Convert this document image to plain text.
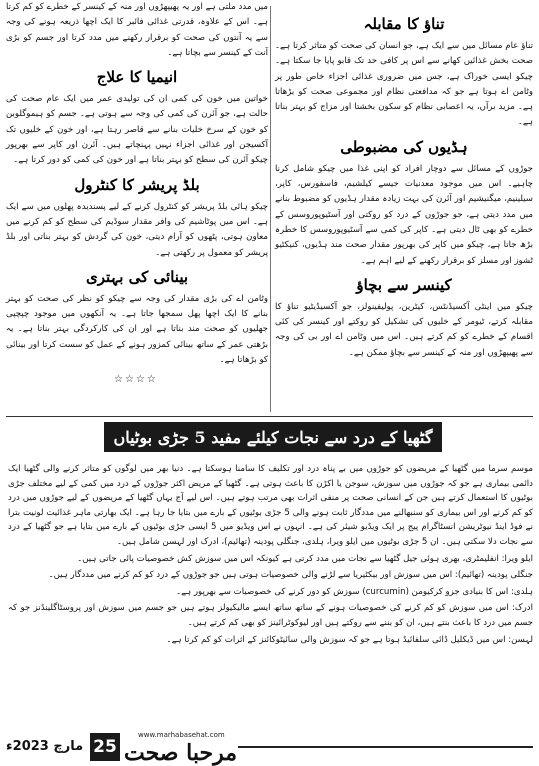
تناؤ کا مقابلہ

تناؤ عام مسائل میں سے ایک ہے، جو انسان کی صحت کو متاثر کرتا ہے۔ صحت بخش غذائیں کھانے سے اس پر کافی حد تک قابو پایا جا سکتا ہے۔ چیکو ایسی خوراک ہے، جس میں ضروری غذائی اجزاء خاص طور پر وٹامن اے ہوتا ہے جو کہ مدافعتی نظام اور مجموعی صحت کو بڑھاتا ہے۔ مزید برآں، یہ اعصابی نظام کو سکون بخشتا اور مزاج کو بہتر بناتا ہے۔

ہڈیوں کی مضبوطی

جوڑوں کے مسائل سے دوچار افراد کو اپنی غذا میں چیکو شامل کرنا چاہیے۔ اس میں موجود معدنیات جیسے کیلشیم، فاسفورس، کاپر، سیلینیم، میگنیشیم اور آئرن کی بہت زیادہ مقدار ہڈیوں کو مضبوط بنانے میں مدد دیتی ہے، جو جوڑوں کے درد کو روکتی اور آسٹیوپوروسس کے خطرے کو بھی ٹال دیتی ہے۔ کاپر کی کمی سے آسٹیوپوروسس کا خطرہ بڑھ جاتا ہے، چیکو میں کاپر کی بھرپور مقدار صحت مند ہڈیوں، کنیکٹیو ٹشوز اور مسلز کو برقرار رکھنے کے لیے اہم ہے۔

کینسر سے بچاؤ

چیکو میں اینٹی آکسیڈنٹس، کیٹرین، پولیفینولز، جو آکسیڈیٹیو تناؤ کا مقابلہ کرتے، ٹیومر کے خلیوں کی تشکیل کو روکتے اور کینسر کی کئی اقسام کے خطرے کو کم کرتے ہیں۔ اس میں وٹامن اے اور بی کی وجہ سے پھیپھڑوں اور منہ کے کینسر سے بچاؤ ممکن ہے۔

میں مدد ملتی ہے اور یہ پھیپھڑوں اور منہ کے کینسر کے خطرے کو کم کرتا ہے۔ اس کے علاوہ، قدرتی غذائی فائبر کا ایک اچھا ذریعہ ہونے کی وجہ سے یہ آنتوں کی صحت کو برقرار رکھنے میں مدد کرتا اور جسم کو بڑی آنت کے کینسر سے بچاتا ہے۔

انیمیا کا علاج

خواتین میں خون کی کمی ان کی تولیدی عمر میں ایک عام صحت کی حالت ہے، جو آئرن کی کمی کی وجہ سے ہوتی ہے۔ جسم کو ہیموگلوبن کو خون کے سرخ خلیات بنانے سے قاصر رہتا ہے، اور خون کے خلیوں تک آکسیجن اور غذائی اجزاء نہیں پہنچاتے ہیں۔ آئرن اور کاپر سے بھرپور چیکو آئرن کی سطح کو بہتر بناتا ہے اور خون کی کمی کو دور کرتا ہے۔

بلڈ پریشر کا کنٹرول

چیکو ہائی بلڈ پریشر کو کنٹرول کرنے کے لیے پسندیدہ پھلوں میں سے ایک ہے۔ اس میں پوٹاشیم کی وافر مقدار سوڈیم کی سطح کو کم کرنے میں معاون ہوتی، پٹھوں کو آرام دیتی، خون کی گردش کو بہتر بناتی اور بلڈ پریشر کو معمول پر رکھتی ہے۔

بینائی کی بہتری

وٹامن اے کی بڑی مقدار کی وجہ سے چیکو کو نظر کی صحت کو بہتر بنانے کا ایک اچھا پھل سمجھا جاتا ہے۔ یہ آنکھوں میں موجود چپچپی جھلیوں کو صحت مند بناتا ہے اور ان کی کارکردگی بہتر بناتا ہے۔ یہ بڑھتی عمر کے ساتھ بینائی کمزور ہونے کے عمل کو سست کرتا اور بینائی کو بڑھاتا ہے۔

☆☆☆☆
گٹھیا کے درد سے نجات کیلئے مفید 5 جڑی بوٹیاں

موسم سرما میں گٹھیا کے مریضوں کو جوڑوں میں بے پناہ درد اور تکلیف کا سامنا ہوسکتا ہے۔ دنیا بھر میں لوگوں کو متاثر کرنے والی گٹھیا ایک دائمی بیماری ہے جو کہ جوڑوں میں سوزش، سوجن یا اکڑن کا باعث ہوتی ہے۔ گٹھیا کے مریض اکثر جوڑوں کے درد میں کمی کے لیے مختلف جڑی بوٹیوں کا استعمال کرتے ہیں جن کے انسانی صحت پر منفی اثرات بھی مرتب ہوتے ہیں۔ اس لیے آج یہاں گٹھیا کے مریضوں کے لیے جوڑوں میں درد کو کم کرنے اور اس بیماری کو سنبھالنے میں مددگار ثابت ہونے والی 5 جڑی بوٹیوں کے بارے میں بتایا جا رہا ہے۔ ایک بھارتی ماہر غذائیت لونیت بترا نے فوڈ اینڈ نیوٹریشن انسٹاگرام پیج پر ایک ویڈیو شیئر کی ہے۔ انہوں نے اس ویڈیو میں 5 ایسی جڑی بوٹیوں کے بارے میں بتایا ہے جو گٹھیا کے درد سے نجات دلا سکتی ہیں۔ ان 5 جڑی بوٹیوں میں ایلو ویرا، ہلدی، جنگلی پودینہ (تھائیم)، ادرک اور لہسن شامل ہیں۔

ایلو ویرا: انفلیمٹری، بھری ہوئی جیل گٹھیا سے نجات میں مدد کرتی ہے کیونکہ اس میں سوزش کش خصوصیات پائی جاتی ہیں۔

جنگلی پودینہ (تھائیم): اس میں سوزش اور بیکٹیریا سے لڑنے والی خصوصیات ہوتی ہیں جو جوڑوں کے درد کو کم کرنے میں مددگار ہیں۔

ہلدی: اس کا بنیادی جزو کرکیومن (curcumin) سوزش کو دور کرنے کی خصوصیات سے بھرپور ہے۔

ادرک: اس میں سوزش کو کم کرنے کی خصوصیات ہونے کے ساتھ ساتھ ایسے مالیکیولز ہوتے ہیں جو جسم میں سوزش اور پروسٹاگلینڈنز جو کہ جسم میں درد کا باعث بنتے ہیں، ان کو بننے سے روکتے ہیں اور لیوکوٹرائینز کو بھی کم کرتے ہیں۔

لہسن: اس میں ڈیکلیل ڈائی سلفائیڈ ہوتا ہے جو کہ سوزش والی سائیٹوکائنز کے اثرات کو کم کرتا ہے۔

مارچ 2023ء 25
www.marhabasehat.com
مرحبا صحت
